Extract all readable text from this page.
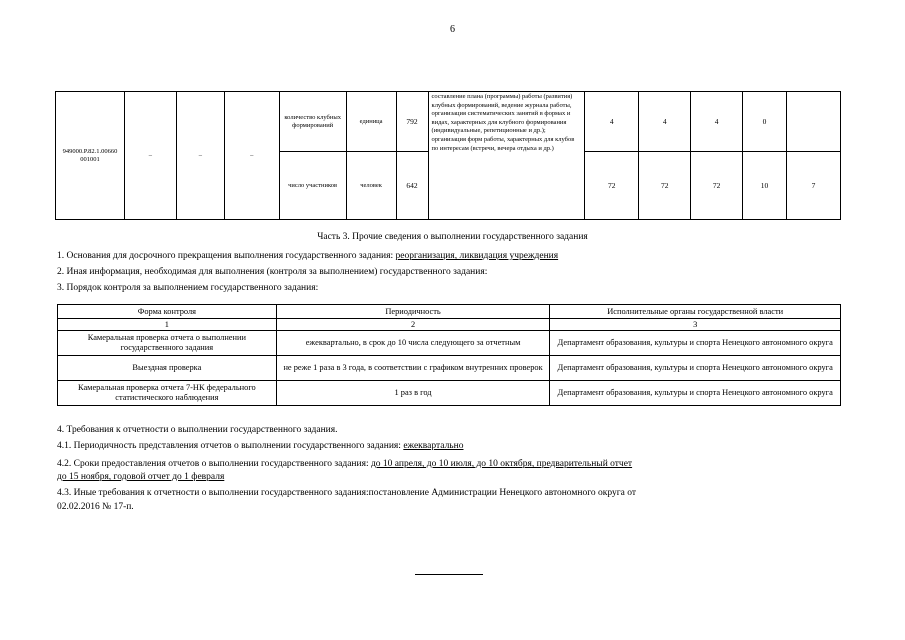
6
949000.Р.82.1.00660 001001	–	–	–	количество клубных формирований	единица	792	составление плана (программы) работы (развития) клубных формирований, ведение журнала работы, организация систематических занятий в формах и видах, характерных для клубного формирования (индивидуальные, репетиционные и др.); организация форм работы, характерных для клубов по интересам (встречи, вечера отдыха и др.)	4	4	4	0	
				число участников	человек	642		72	72	72	10	7
Часть 3. Прочие сведения о выполнении государственного задания
1. Основания для досрочного прекращения выполнения государственного задания: реорганизация, ликвидация учреждения
2. Иная информация, необходимая для выполнения (контроля за выполнением) государственного задания:
3. Порядок контроля за выполнением государственного задания:
Форма контроля	Периодичность	Исполнительные органы государственной власти
1	2	3
Камеральная проверка отчета о выполнении государственного задания	ежеквартально, в срок до 10 числа следующего за отчетным	Департамент образования, культуры и спорта Ненецкого автономного округа
Выездная проверка	не реже 1 раза в 3 года, в соответствии с графиком внутренних проверок	Департамент образования, культуры и спорта Ненецкого автономного округа
Камеральная проверка отчета 7-НК федерального статистического наблюдения	1 раз в год	Департамент образования, культуры и спорта Ненецкого автономного округа
4. Требования к отчетности о выполнении государственного задания.
4.1. Периодичность представления отчетов о выполнении государственного задания: ежеквартально
4.2. Сроки предоставления отчетов о выполнении государственного задания: до 10 апреля, до 10 июля, до 10 октября, предварительный отчет
до 15 ноября, годовой отчет до 1 февраля
4.3. Иные требования к отчетности о выполнении государственного задания:постановление Администрации Ненецкого автономного округа от
02.02.2016 № 17-п.
